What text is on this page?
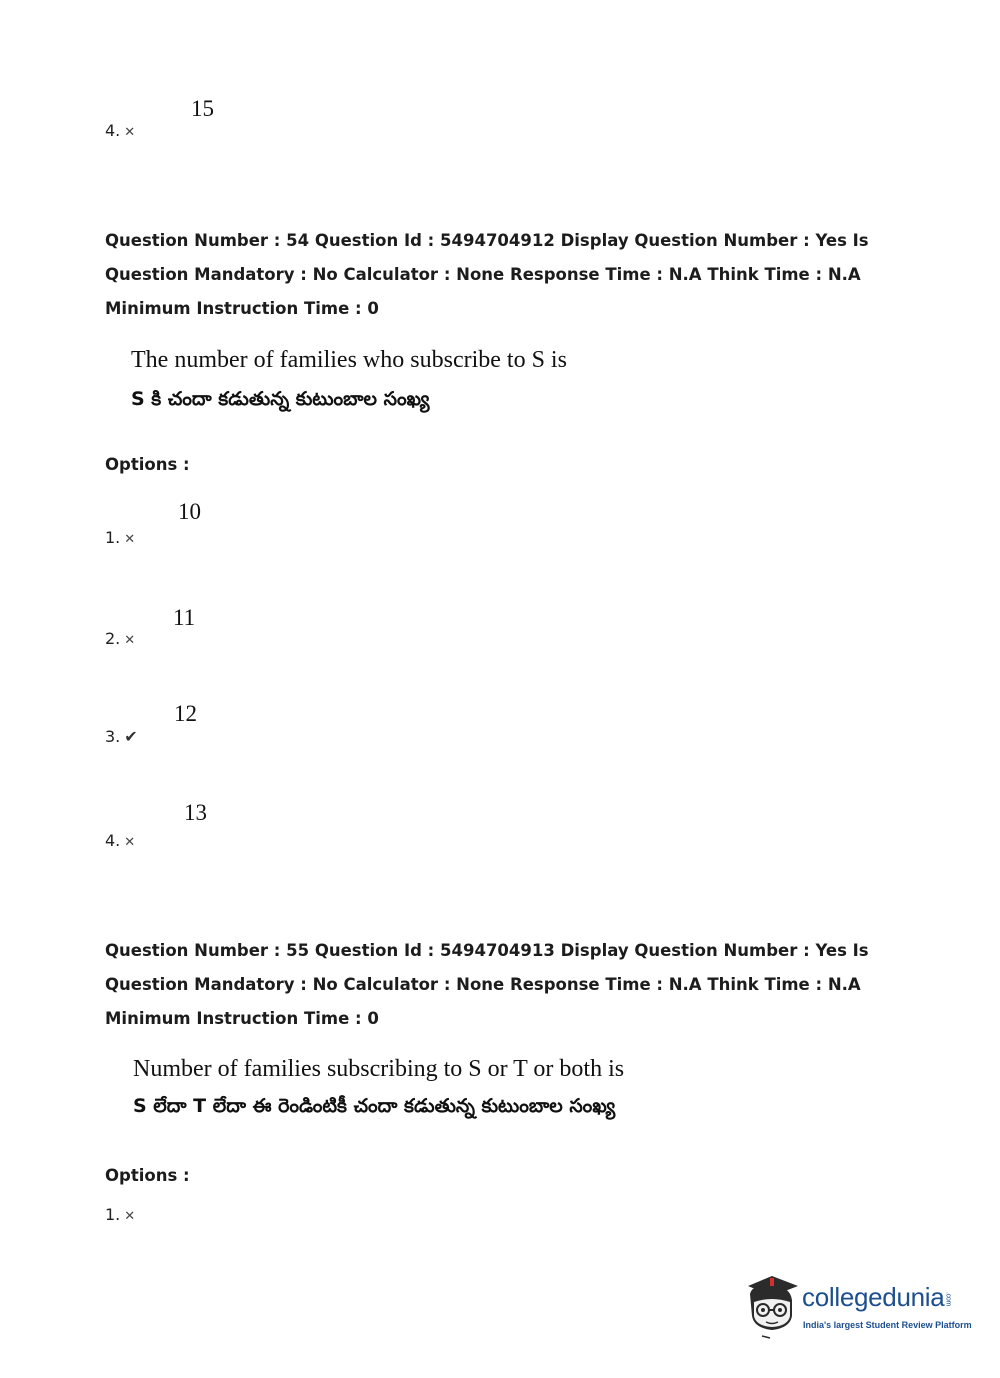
15
4. ✕
Question Number : 54 Question Id : 5494704912 Display Question Number : Yes Is Question Mandatory : No Calculator : None Response Time : N.A Think Time : N.A Minimum Instruction Time : 0
The number of families who subscribe to S is
S కి చందా కడుతున్న కుటుంబాల సంఖ్య
Options :
10
1. ✕
11
2. ✕
12
3. ✔
13
4. ✕
Question Number : 55 Question Id : 5494704913 Display Question Number : Yes Is Question Mandatory : No Calculator : None Response Time : N.A Think Time : N.A Minimum Instruction Time : 0
Number of families subscribing to S or T or both is
S లేదా T లేదా ఈ రెండింటికీ చందా కడుతున్న కుటుంబాల సంఖ్య
Options :
1. ✕
collegedunia.com
India's largest Student Review Platform
